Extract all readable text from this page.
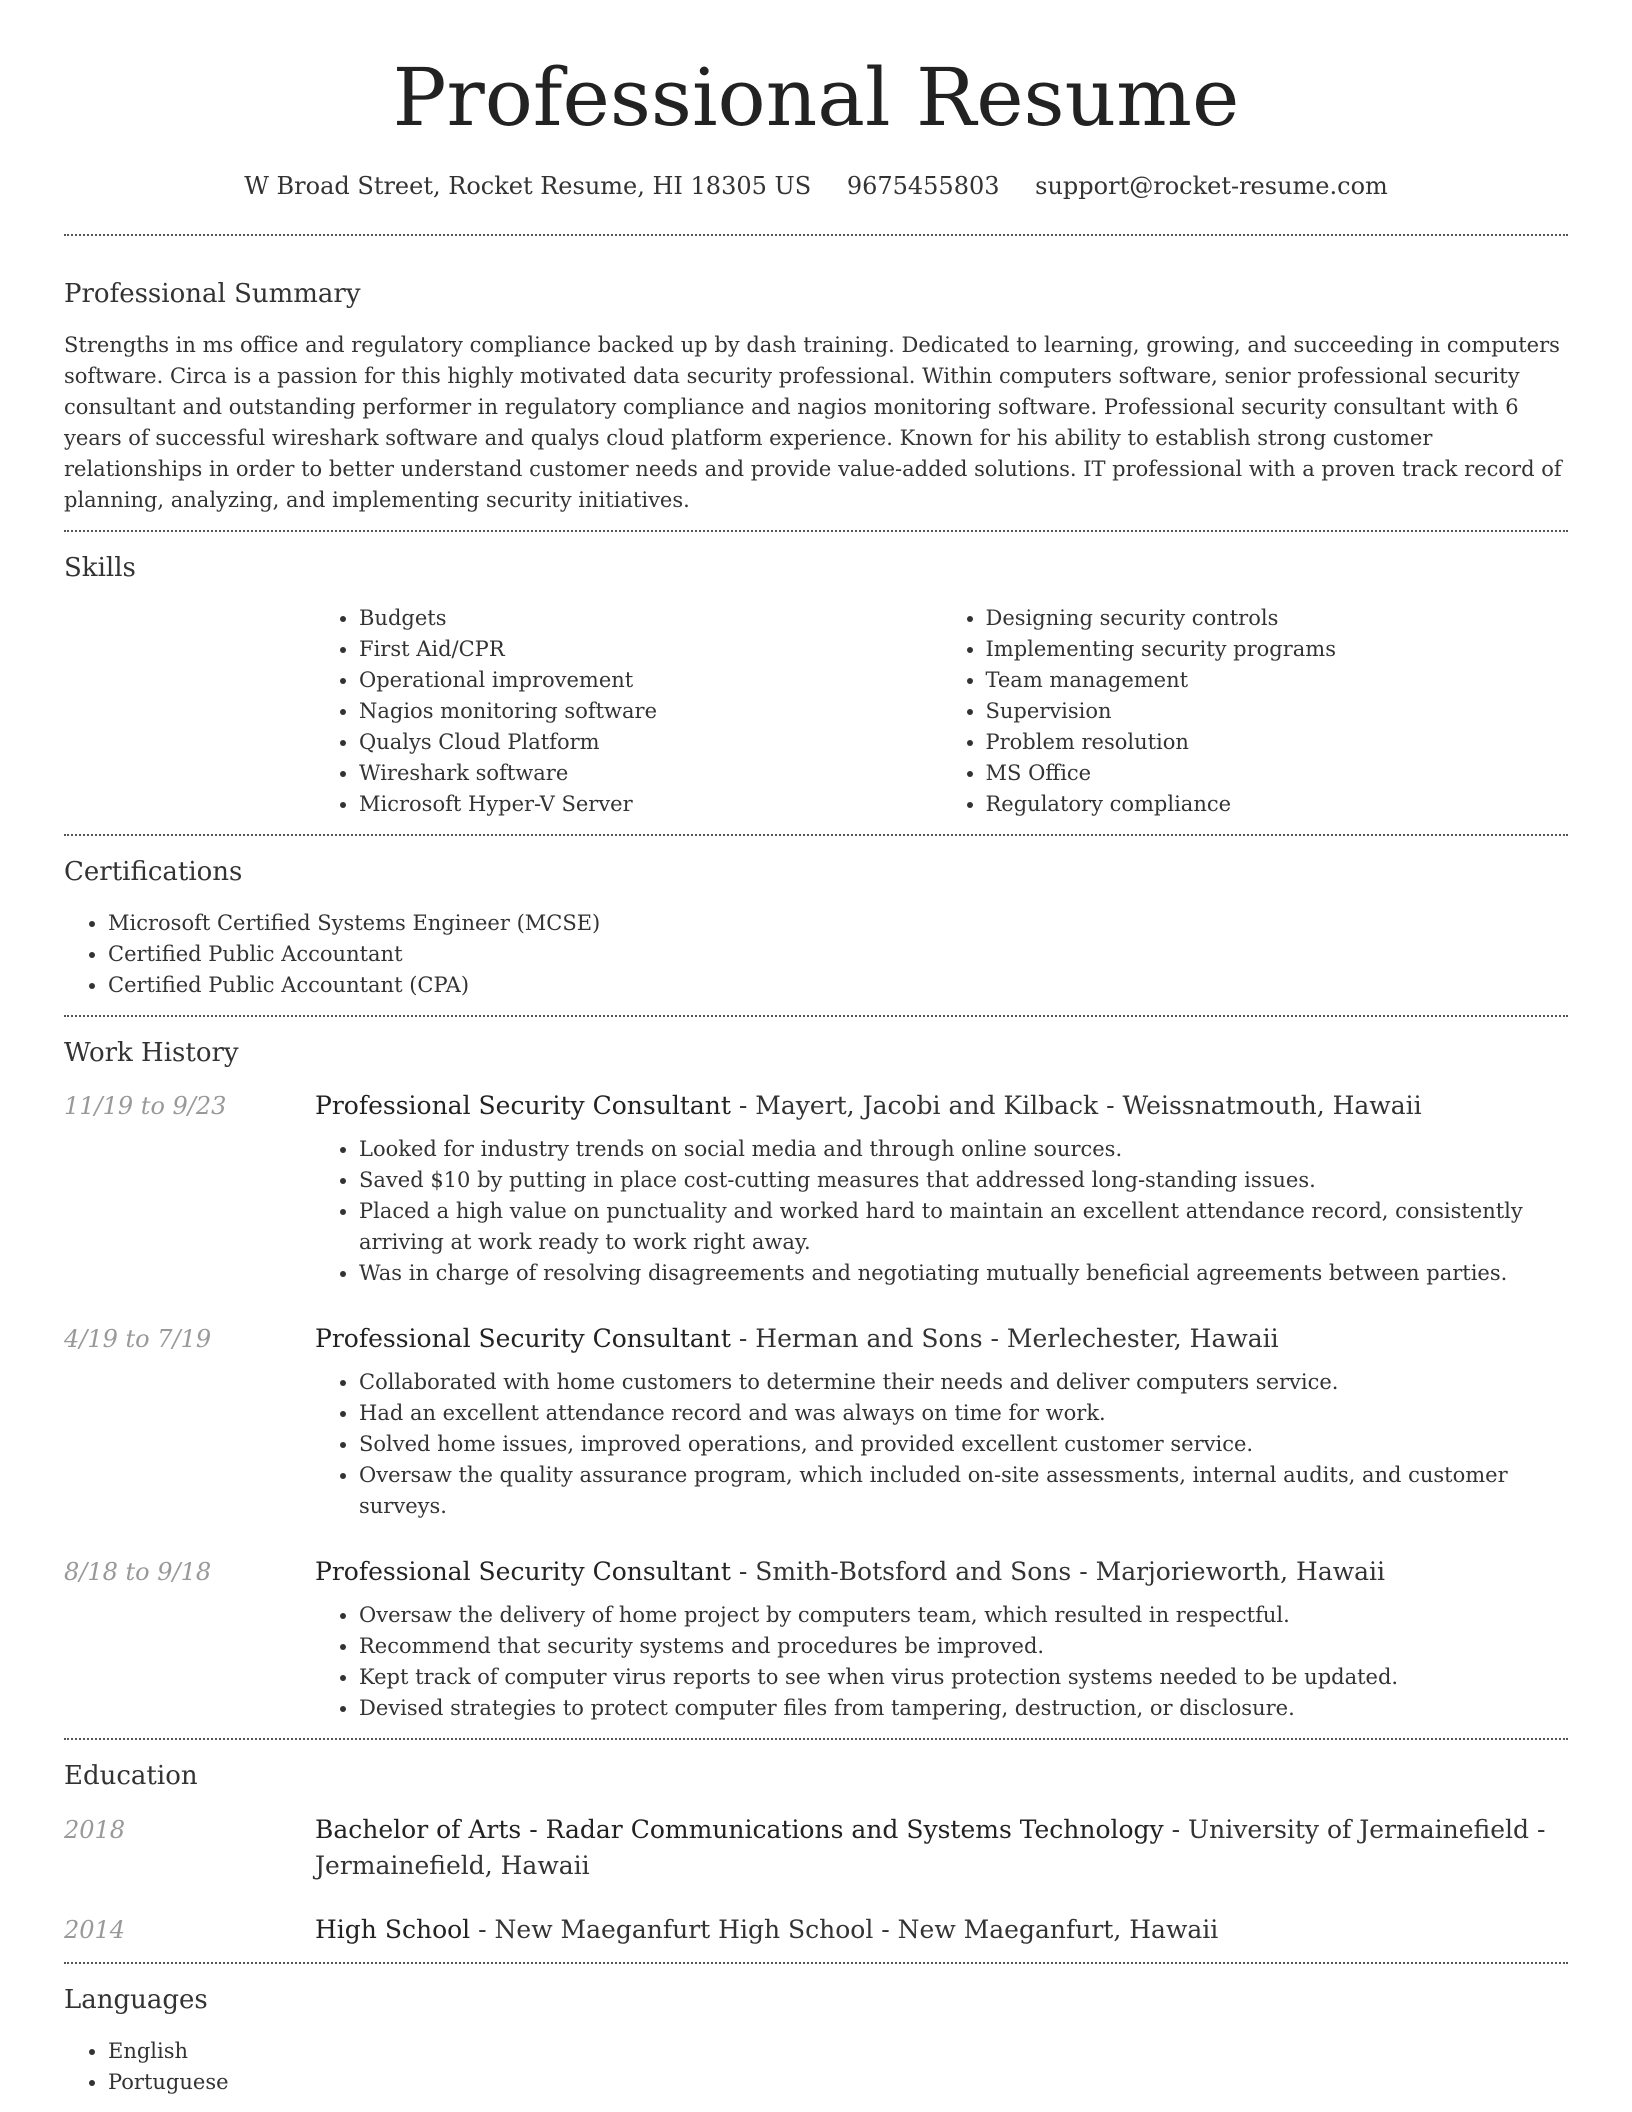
Professional Resume
W Broad Street, Rocket Resume, HI 18305 US 9675455803 support@rocket-resume.com
Professional Summary

Strengths in ms office and regulatory compliance backed up by dash training. Dedicated to learning, growing, and succeeding in computers software. Circa is a passion for this highly motivated data security professional. Within computers software, senior professional security consultant and outstanding performer in regulatory compliance and nagios monitoring software. Professional security consultant with 6 years of successful wireshark software and qualys cloud platform experience. Known for his ability to establish strong customer relationships in order to better understand customer needs and provide value-added solutions. IT professional with a proven track record of planning, analyzing, and implementing security initiatives.

Skills
• Budgets
• First Aid/CPR
• Operational improvement
• Nagios monitoring software
• Qualys Cloud Platform
• Wireshark software
• Microsoft Hyper-V Server
• Designing security controls
• Implementing security programs
• Team management
• Supervision
• Problem resolution
• MS Office
• Regulatory compliance
Certifications
• Microsoft Certified Systems Engineer (MCSE)
• Certified Public Accountant
• Certified Public Accountant (CPA)
Work History
11/19 to 9/23	Professional Security Consultant - Mayert, Jacobi and Kilback - Weissnatmouth, Hawaii
• Looked for industry trends on social media and through online sources.
• Saved $10 by putting in place cost-cutting measures that addressed long-standing issues.
• Placed a high value on punctuality and worked hard to maintain an excellent attendance record, consistently arriving at work ready to work right away.
• Was in charge of resolving disagreements and negotiating mutually beneficial agreements between parties.
4/19 to 7/19	Professional Security Consultant - Herman and Sons - Merlechester, Hawaii
• Collaborated with home customers to determine their needs and deliver computers service.
• Had an excellent attendance record and was always on time for work.
• Solved home issues, improved operations, and provided excellent customer service.
• Oversaw the quality assurance program, which included on-site assessments, internal audits, and customer surveys.
8/18 to 9/18	Professional Security Consultant - Smith-Botsford and Sons - Marjorieworth, Hawaii
• Oversaw the delivery of home project by computers team, which resulted in respectful.
• Recommend that security systems and procedures be improved.
• Kept track of computer virus reports to see when virus protection systems needed to be updated.
• Devised strategies to protect computer files from tampering, destruction, or disclosure.
Education
2018	Bachelor of Arts - Radar Communications and Systems Technology - University of Jermainefield - Jermainefield, Hawaii
2014	High School - New Maeganfurt High School - New Maeganfurt, Hawaii
Languages
• English
• Portuguese
